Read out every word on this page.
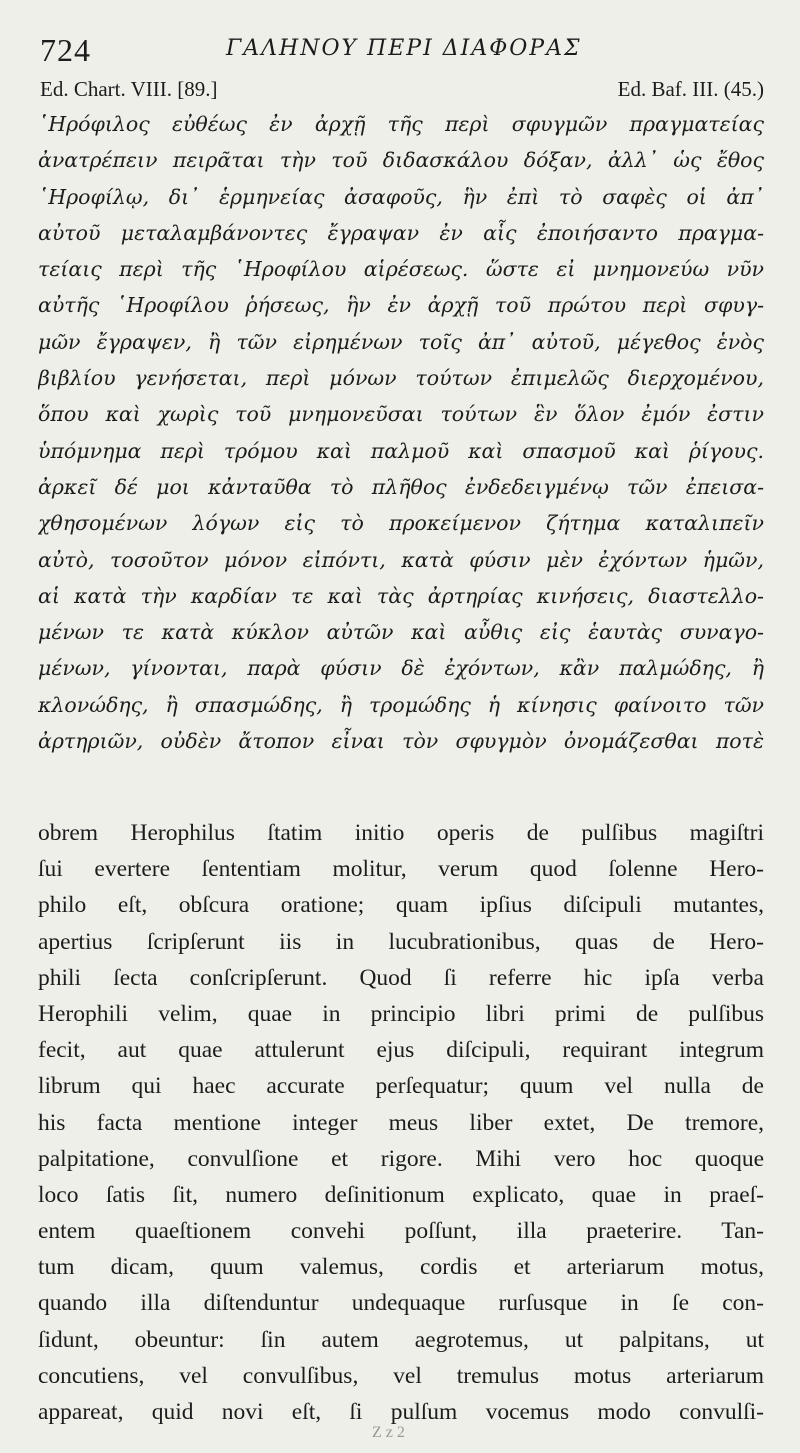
724	ΓΑΛΗΝΟΥ ΠΕΡΙ ΔΙΑΦΟΡΑΣ
Ed. Chart. VIII. [89.]	Ed. Baf. III. (45.)
῾Ηρόφιλος εὐθέως ἐν ἀρχῇ τῆς περὶ σφυγμῶν πραγματείας
ἀνατρέπειν πειρᾶται τὴν τοῦ διδασκάλου δόξαν, ἀλλ᾽ ὡς ἔθος
῾Ηροφίλῳ, δι᾽ ἑρμηνείας ἀσαφοῦς, ἣν ἐπὶ τὸ σαφὲς οἱ ἀπ᾽
αὐτοῦ μεταλαμβάνοντες ἔγραψαν ἐν αἷς ἐποιήσαντο πραγμα-
τείαις περὶ τῆς ῾Ηροφίλου αἱρέσεως. ὥστε εἰ μνημονεύω νῦν
αὐτῆς ῾Ηροφίλου ῥήσεως, ἣν ἐν ἀρχῇ τοῦ πρώτου περὶ σφυγ-
μῶν ἔγραψεν, ἢ τῶν εἰρημένων τοῖς ἀπ᾽ αὐτοῦ, μέγεθος ἑνὸς
βιβλίου γενήσεται, περὶ μόνων τούτων ἐπιμελῶς διερχομένου,
ὅπου καὶ χωρὶς τοῦ μνημονεῦσαι τούτων ἓν ὅλον ἐμόν ἐστιν
ὑπόμνημα περὶ τρόμου καὶ παλμοῦ καὶ σπασμοῦ καὶ ῥίγους.
ἀρκεῖ δέ μοι κἀνταῦθα τὸ πλῆθος ἐνδεδειγμένῳ τῶν ἐπεισα-
χθησομένων λόγων εἰς τὸ προκείμενον ζήτημα καταλιπεῖν
αὐτὸ, τοσοῦτον μόνον εἰπόντι, κατὰ φύσιν μὲν ἐχόντων ἡμῶν,
αἱ κατὰ τὴν καρδίαν τε καὶ τὰς ἀρτηρίας κινήσεις, διαστελλο-
μένων τε κατὰ κύκλον αὐτῶν καὶ αὖθις εἰς ἑαυτὰς συναγο-
μένων, γίνονται, παρὰ φύσιν δὲ ἐχόντων, κἂν παλμώδης, ἢ
κλονώδης, ἢ σπασμώδης, ἢ τρομώδης ἡ κίνησις φαίνοιτο τῶν
ἀρτηριῶν, οὐδὲν ἄτοπον εἶναι τὸν σφυγμὸν ὀνομάζεσθαι ποτὲ
obrem Herophilus ſtatim initio operis de pulſibus magiſtri
ſui evertere ſententiam molitur, verum quod ſolenne Hero-
philo eſt, obſcura oratione; quam ipſius diſcipuli mutantes,
apertius ſcripſerunt iis in lucubrationibus, quas de Hero-
phili ſecta conſcripſerunt. Quod ſi referre hic ipſa verba
Herophili velim, quae in principio libri primi de pulſibus
fecit, aut quae attulerunt ejus diſcipuli, requirant integrum
librum qui haec accurate perſequatur; quum vel nulla de
his facta mentione integer meus liber extet, De tremore,
palpitatione, convulſione et rigore. Mihi vero hoc quoque
loco ſatis ſit, numero deſinitionum explicato, quae in praeſ-
entem quaeſtionem convehi poſſunt, illa praeterire. Tan-
tum dicam, quum valemus, cordis et arteriarum motus,
quando illa diſtenduntur undequaque rurſusque in ſe con-
ſidunt, obeuntur: ſin autem aegrotemus, ut palpitans, ut
concutiens, vel convulſibus, vel tremulus motus arteriarum
appareat, quid novi eſt, ſi pulſum vocemus modo convulſi-
Z z 2
